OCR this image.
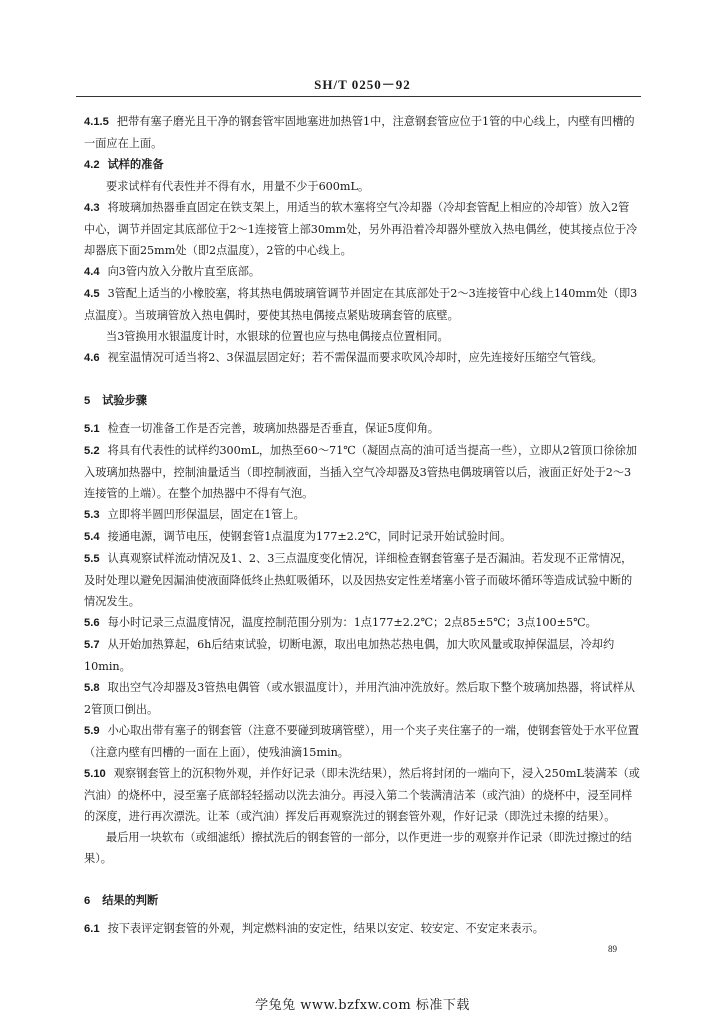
SH/T 0250－92
4.1.5 把带有塞子磨光且干净的钢套管牢固地塞进加热管1中，注意钢套管应位于1管的中心线上，内壁有凹槽的一面应在上面。
4.2 试样的准备
要求试样有代表性并不得有水，用量不少于600mL。
4.3 将玻璃加热器垂直固定在铁支架上，用适当的软木塞将空气冷却器（冷却套管配上相应的冷却管）放入2管中心，调节并固定其底部位于2～1连接管上部30mm处，另外再沿着冷却器外壁放入热电偶丝，使其接点位于冷却器底下面25mm处（即2点温度），2管的中心线上。
4.4 向3管内放入分散片直至底部。
4.5 3管配上适当的小橡胶塞，将其热电偶玻璃管调节并固定在其底部处于2～3连接管中心线上140mm处（即3点温度）。当玻璃管放入热电偶时，要使其热电偶接点紧贴玻璃套管的底壁。
当3管换用水银温度计时，水银球的位置也应与热电偶接点位置相同。
4.6 视室温情况可适当将2、3保温层固定好；若不需保温而要求吹风冷却时，应先连接好压缩空气管线。
5 试验步骤
5.1 检查一切准备工作是否完善，玻璃加热器是否垂直，保证5度仰角。
5.2 将具有代表性的试样约300mL，加热至60～71℃（凝固点高的油可适当提高一些），立即从2管顶口徐徐加入玻璃加热器中，控制油量适当（即控制液面，当插入空气冷却器及3管热电偶玻璃管以后，液面正好处于2～3连接管的上端）。在整个加热器中不得有气泡。
5.3 立即将半圆凹形保温层，固定在1管上。
5.4 接通电源，调节电压，使钢套管1点温度为177±2.2℃，同时记录开始试验时间。
5.5 认真观察试样流动情况及1、2、3三点温度变化情况，详细检查钢套管塞子是否漏油。若发现不正常情况，及时处理以避免因漏油使液面降低终止热虹吸循环，以及因热安定性差堵塞小管子而破坏循环等造成试验中断的情况发生。
5.6 每小时记录三点温度情况，温度控制范围分别为：1点177±2.2℃；2点85±5℃；3点100±5℃。
5.7 从开始加热算起，6h后结束试验，切断电源，取出电加热芯热电偶，加大吹风量或取掉保温层，冷却约10min。
5.8 取出空气冷却器及3管热电偶管（或水银温度计），并用汽油冲洗放好。然后取下整个玻璃加热器，将试样从2管顶口倒出。
5.9 小心取出带有塞子的钢套管（注意不要碰到玻璃管壁），用一个夹子夹住塞子的一端，使钢套管处于水平位置（注意内壁有凹槽的一面在上面），使残油滴15min。
5.10 观察钢套管上的沉积物外观，并作好记录（即未洗结果），然后将封闭的一端向下，浸入250mL装满苯（或汽油）的烧杯中，浸至塞子底部轻轻摇动以洗去油分。再浸入第二个装满清洁苯（或汽油）的烧杯中，浸至同样的深度，进行再次漂洗。让苯（或汽油）挥发后再观察洗过的钢套管外观，作好记录（即洗过未擦的结果）。
最后用一块软布（或细滤纸）擦拭洗后的钢套管的一部分，以作更进一步的观察并作记录（即洗过擦过的结果）。
6 结果的判断
6.1 按下表评定钢套管的外观，判定燃料油的安定性，结果以安定、较安定、不安定来表示。
89
学兔兔 www.bzfxw.com 标准下载
